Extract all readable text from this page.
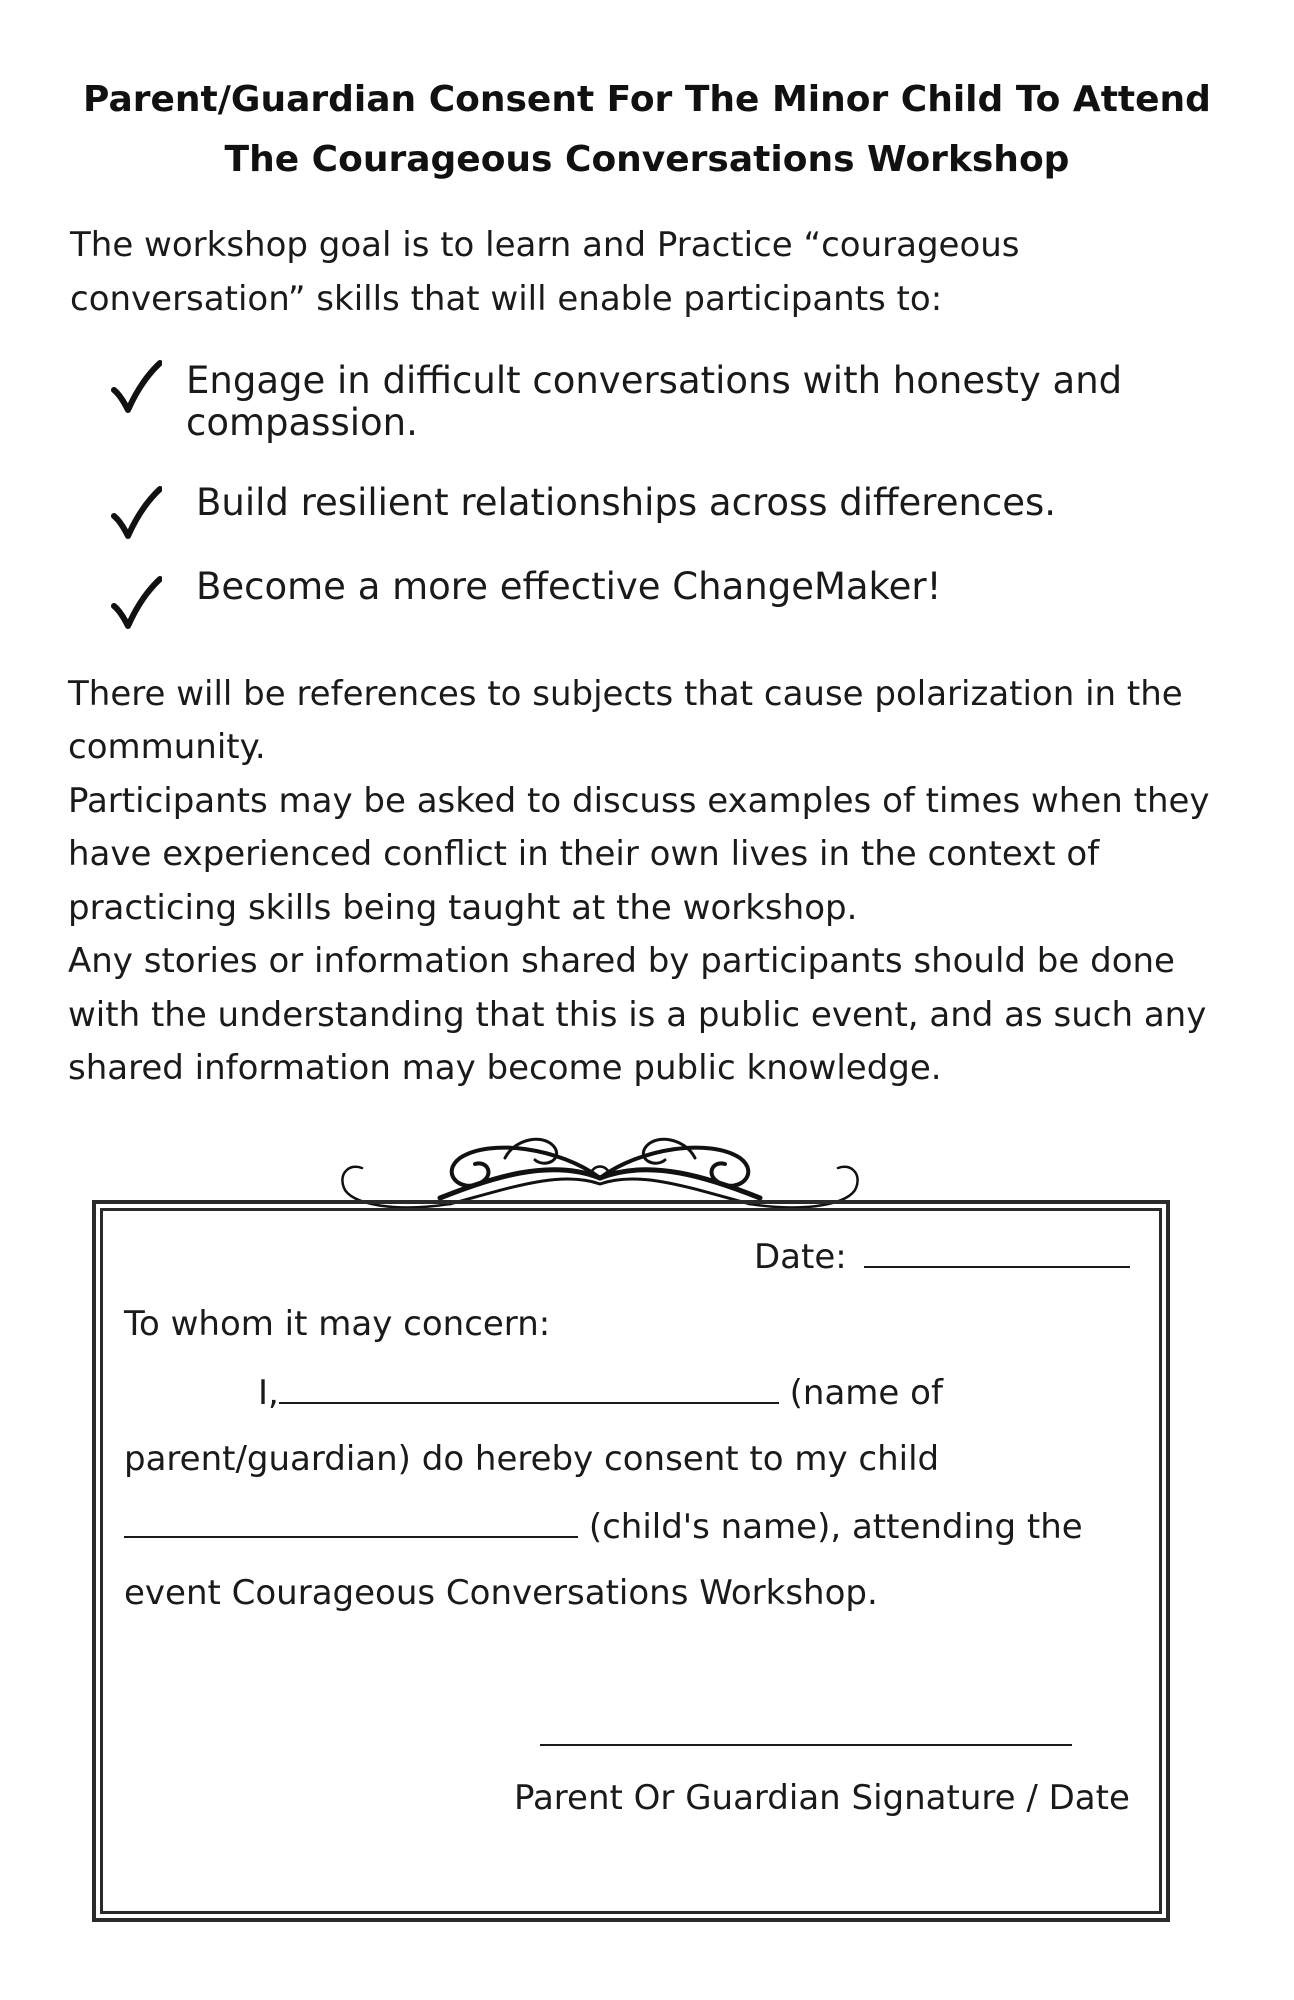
Parent/Guardian Consent For The Minor Child To Attend
The Courageous Conversations Workshop

The workshop goal is to learn and Practice “courageous
conversation” skills that will enable participants to:

Engage in difficult conversations with honesty and
compassion.
Build resilient relationships across differences.
Become a more effective ChangeMaker!

There will be references to subjects that cause polarization in the

community.

Participants may be asked to discuss examples of times when they

have experienced conflict in their own lives in the context of

practicing skills being taught at the workshop.

Any stories or information shared by participants should be done

with the understanding that this is a public event, and as such any

shared information may become public knowledge.

Date:
To whom it may concern:
I,	(name of
parent/guardian) do hereby consent to my child
(child's name), attending the
event Courageous Conversations Workshop.
Parent Or Guardian Signature / Date
